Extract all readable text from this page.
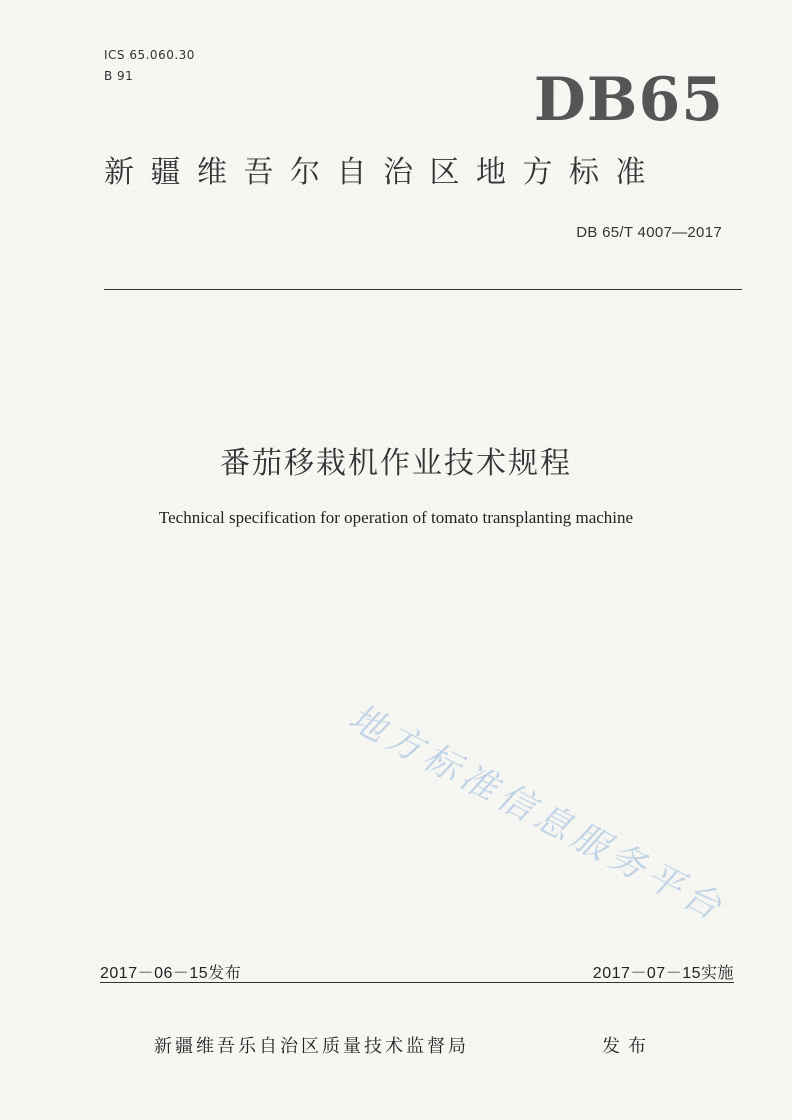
ICS 65.060.30
B 91	DB65
新疆维吾尔自治区地方标准
DB 65/T 4007—2017
番茄移栽机作业技术规程
Technical specification for operation of tomato transplanting machine
地方标准信息服务平台
2017－06－15发布	2017－07－15实施
新疆维吾乐自治区质量技术监督局	发布
